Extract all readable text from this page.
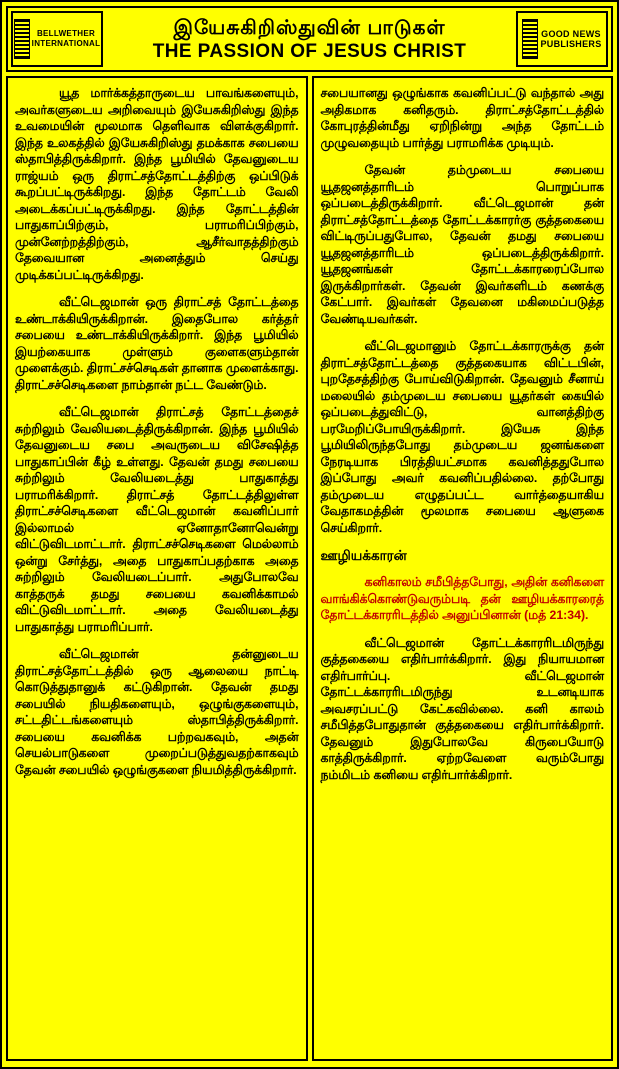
BELLWETHER
INTERNATIONAL
இயேசுகிறிஸ்துவின் பாடுகள்
THE PASSION OF JESUS CHRIST
GOOD NEWS
PUBLISHERS

யூத மார்க்கத்தாருடைய பாவங்களையும், அவர்களுடைய அறிவையும் இயேசுகிறிஸ்து இந்த உவமையின் மூலமாக தெளிவாக விளக்குகிறார். இந்த உலகத்தில் இயேசுகிறிஸ்து தமக்காக சபையை ஸ்தாபித்திருக்கிறார். இந்த பூமியில் தேவனுடைய ராஜ்யம் ஒரு திராட்சத்தோட்டத்திற்கு ஒப்பிடுக் கூறப்பட்டிருக்கிறது. இந்த தோட்டம் வேலி அடைக்கப்பட்டிருக்கிறது. இந்த தோட்டத்தின் பாதுகாப்பிற்கும், பராமரிப்பிற்கும், முன்னேற்றத்திற்கும், ஆசீர்வாதத்திற்கும் தேவையான அனைத்தும் செய்து முடிக்கப்பட்டிருக்கிறது.

வீட்டெஜமான் ஒரு திராட்சத் தோட்டத்தை உண்டாக்கியிருக்கிறான். இதைபோல கர்த்தர் சபையை உண்டாக்கியிருக்கிறார். இந்த பூமியில் இயற்கையாக முள்ளும் குளைகளும்தான் முளைக்கும். திராட்சச்செடிகள் தானாக முளைக்காது. திராட்சச்செடிகளை நாம்தான் நட்ட வேண்டும்.

வீட்டெஜமான் திராட்சத் தோட்டத்தைச் சுற்றிலும் வேலியடைத்திருக்கிறான். இந்த பூமியில் தேவனுடைய சபை அவருடைய விசேஷித்த பாதுகாப்பின் கீழ் உள்ளது. தேவன் தமது சபையை சுற்றிலும் வேலியடைத்து பாதுகாத்து பராமரிக்கிறார். திராட்சத் தோட்டத்திலுள்ள திராட்சச்செடிகளை வீட்டெஜமான் கவனிப்பார் இல்லாமல் ஏனோதானோவென்று விட்டுவிடமாட்டார். திராட்சச்செடிகளை மெல்லாம் ஒன்று சேர்த்து, அதை பாதுகாப்பதற்காக அதை சுற்றிலும் வேலியடைப்பார். அதுபோலவே காத்தருக் தமது சபையை கவனிக்காமல் விட்டுவிடமாட்டார். அதை வேலியடைத்து பாதுகாத்து பராமரிப்பார்.

வீட்டெஜமான் தன்னுடைய திராட்சத்தோட்டத்தில் ஒரு ஆலையை நாட்டி கொடுத்துதானுக் கட்டுகிறான். தேவன் தமது சபையில் நியதிகளையும், ஒழுங்குகளையும், சட்டதிட்டங்களையும் ஸ்தாபித்திருக்கிறார். சபையை கவனிக்க பற்றவகவும், அதன் செயல்பாடுகளை முறைப்படுத்துவதற்காகவும் தேவன் சபையில் ஒழுங்குகளை நியமித்திருக்கிறார்.

சபையானது ஒழுங்காக கவனிப்பட்டு வந்தால் அது அதிகமாக கனிதரும். திராட்சத்தோட்டத்தில் கோபுரத்தின்மீது ஏறிநின்று அந்த தோட்டம் முழுவதையும் பார்த்து பராமரிக்க முடியும்.

தேவன் தம்முடைய சபையை யூதஜனத்தாரிடம் பொறுப்பாக ஒப்படைத்திருக்கிறார். வீட்டெஜமான் தன் திராட்சத்தோட்டத்தை தோட்டக்காரர்கு குத்தகையை விட்டிருப்பதுபோல, தேவன் தமது சபையை யூதஜனத்தாரிடம் ஒப்படைத்திருக்கிறார். யூதஜனங்கள் தோட்டக்காரரைப்போல இருக்கிறார்கள். தேவன் இவர்களிடம் கணக்கு கேட்பார். இவர்கள் தேவனை மகிமைப்படுத்த வேண்டியவர்கள்.

வீட்டெஜமானும் தோட்டக்காரருக்கு தன் திராட்சத்தோட்டத்தை குத்தகையாக விட்டபின், புறதேசத்திற்கு போய்விடுகிறான். தேவனும் சீனாய் மலையில் தம்முடைய சபையை யூதர்கள் கையில் ஒப்படைத்துவிட்டு, வானத்திற்கு பரமேறிப்போயிருக்கிறார். இயேசு இந்த பூமியிலிருந்தபோது தம்முடைய ஜனங்களை நேரடியாக பிரத்தியட்சமாக கவனித்ததுபோல இப்போது அவர் கவனிப்பதில்லை. தற்போது தம்முடைய எழுதப்பட்ட வார்த்தையாகிய வேதாகமத்தின் மூலமாக சபையை ஆளுகை செய்கிறார்.

ஊழியக்காரன்

கனிகாலம் சமீபித்தபோது, அதின் கனிகளை வாங்கிக்கொண்டுவரும்படி தன் ஊழியக்காரரைத் தோட்டக்காரரிடத்தில் அனுப்பினான் (மத் 21:34).

வீட்டெஜமான் தோட்டக்காரரிடமிருந்து குத்தகையை எதிர்பார்க்கிறார். இது நியாயமான எதிர்பார்ப்பு. வீட்டெஜமான் தோட்டக்காரரிடமிருந்து உடனடியாக அவசரப்பட்டு கேட்கவில்லை. கனி காலம் சமீபித்தபோதுதான் குத்தகையை எதிர்பார்க்கிறார். தேவனும் இதுபோலவே கிருபையோடு காத்திருக்கிறார். ஏற்றவேளை வரும்போது நம்மிடம் கனியை எதிர்பார்க்கிறார்.
